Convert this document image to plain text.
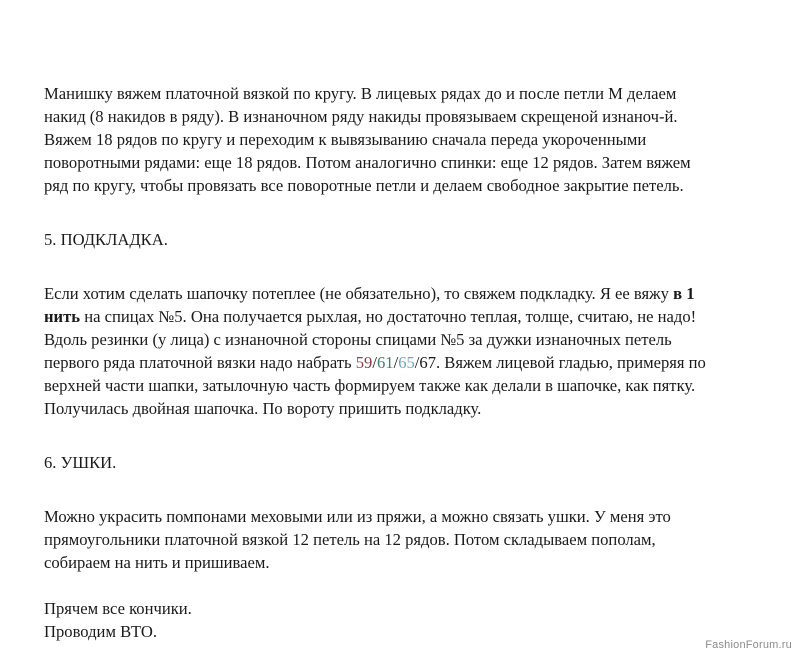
Манишку вяжем платочной вязкой по кругу. В лицевых рядах до и после петли М делаем
накид (8 накидов в ряду). В изнаночном ряду накиды провязываем скрещеной изнаноч-й.
Вяжем 18 рядов по кругу и переходим к вывязыванию сначала переда укороченными
поворотными рядами: еще 18 рядов. Потом аналогично спинки: еще 12 рядов. Затем вяжем
ряд по кругу, чтобы провязать все поворотные петли и делаем свободное закрытие петель.

5. ПОДКЛАДКА.

Если хотим сделать шапочку потеплее (не обязательно), то свяжем подкладку. Я ее вяжу в 1
нить на спицах №5. Она получается рыхлая, но достаточно теплая, толще, считаю, не надо!
Вдоль резинки (у лица) с изнаночной стороны спицами №5 за дужки изнаночных петель
первого ряда платочной вязки надо набрать 59/61/65/67. Вяжем лицевой гладью, примеряя по
верхней части шапки, затылочную часть формируем также как делали в шапочке, как пятку.
Получилась двойная шапочка. По вороту пришить подкладку.

6. УШКИ.

Можно украсить помпонами меховыми или из пряжи, а можно связать ушки. У меня это
прямоугольники платочной вязкой 12 петель на 12 рядов. Потом складываем пополам,
собираем на нить и пришиваем.

Прячем все кончики.
Проводим ВТО.

FashionForum.ru
